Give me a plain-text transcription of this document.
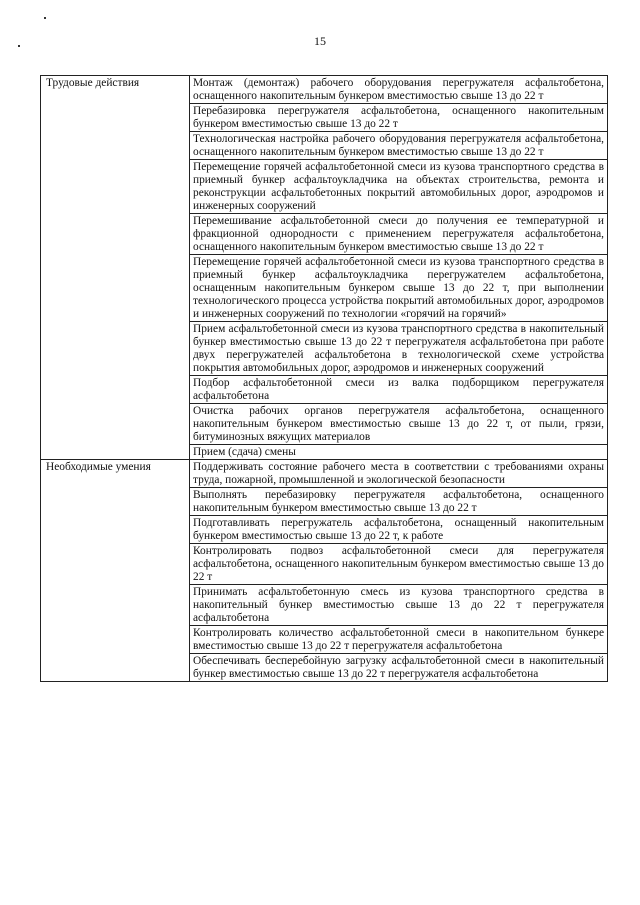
15
Трудовые действия	Монтаж (демонтаж) рабочего оборудования перегружателя асфальтобетона, оснащенного накопительным бункером вместимостью свыше 13 до 22 т
	Перебазировка перегружателя асфальтобетона, оснащенного накопительным бункером вместимостью свыше 13 до 22 т
	Технологическая настройка рабочего оборудования перегружателя асфальтобетона, оснащенного накопительным бункером вместимостью свыше 13 до 22 т
	Перемещение горячей асфальтобетонной смеси из кузова транспортного средства в приемный бункер асфальтоукладчика на объектах строительства, ремонта и реконструкции асфальтобетонных покрытий автомобильных дорог, аэродромов и инженерных сооружений
	Перемешивание асфальтобетонной смеси до получения ее температурной и фракционной однородности с применением перегружателя асфальтобетона, оснащенного накопительным бункером вместимостью свыше 13 до 22 т
	Перемещение горячей асфальтобетонной смеси из кузова транспортного средства в приемный бункер асфальтоукладчика перегружателем асфальтобетона, оснащенным накопительным бункером свыше 13 до 22 т, при выполнении технологического процесса устройства покрытий автомобильных дорог, аэродромов и инженерных сооружений по технологии «горячий на горячий»
	Прием асфальтобетонной смеси из кузова транспортного средства в накопительный бункер вместимостью свыше 13 до 22 т перегружателя асфальтобетона при работе двух перегружателей асфальтобетона в технологической схеме устройства покрытия автомобильных дорог, аэродромов и инженерных сооружений
	Подбор асфальтобетонной смеси из валка подборщиком перегружателя асфальтобетона
	Очистка рабочих органов перегружателя асфальтобетона, оснащенного накопительным бункером вместимостью свыше 13 до 22 т, от пыли, грязи, битуминозных вяжущих материалов
	Прием (сдача) смены
Необходимые умения	Поддерживать состояние рабочего места в соответствии с требованиями охраны труда, пожарной, промышленной и экологической безопасности
	Выполнять перебазировку перегружателя асфальтобетона, оснащенного накопительным бункером вместимостью свыше 13 до 22 т
	Подготавливать перегружатель асфальтобетона, оснащенный накопительным бункером вместимостью свыше 13 до 22 т, к работе
	Контролировать подвоз асфальтобетонной смеси для перегружателя асфальтобетона, оснащенного накопительным бункером вместимостью свыше 13 до 22 т
	Принимать асфальтобетонную смесь из кузова транспортного средства в накопительный бункер вместимостью свыше 13 до 22 т перегружателя асфальтобетона
	Контролировать количество асфальтобетонной смеси в накопительном бункере вместимостью свыше 13 до 22 т перегружателя асфальтобетона
	Обеспечивать бесперебойную загрузку асфальтобетонной смеси в накопительный бункер вместимостью свыше 13 до 22 т перегружателя асфальтобетона
